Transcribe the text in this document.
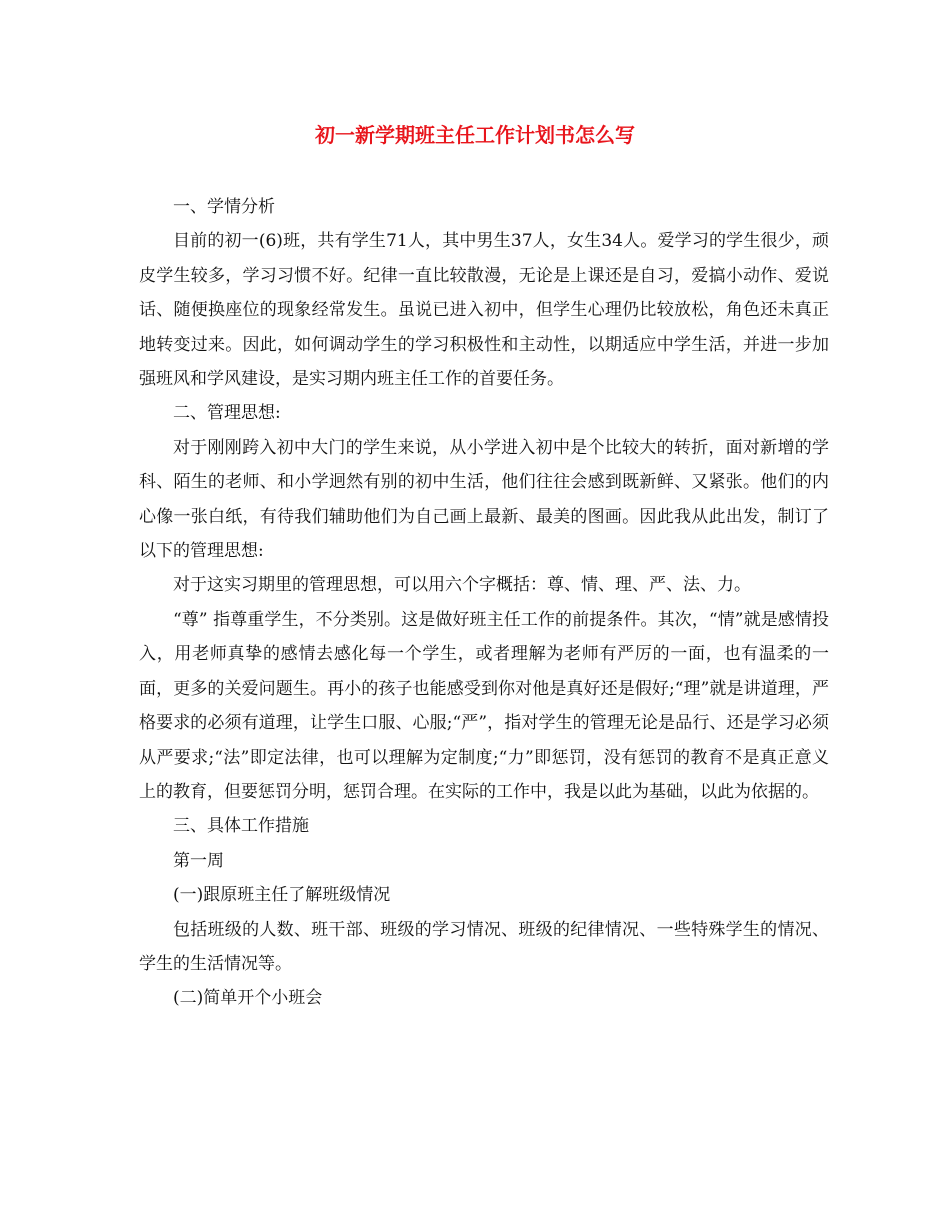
初一新学期班主任工作计划书怎么写

一、学情分析

目前的初一(6)班，共有学生71人，其中男生37人，女生34人。爱学习的学生很少，顽皮学生较多，学习习惯不好。纪律一直比较散漫，无论是上课还是自习，爱搞小动作、爱说话、随便换座位的现象经常发生。虽说已进入初中，但学生心理仍比较放松，角色还未真正地转变过来。因此，如何调动学生的学习积极性和主动性，以期适应中学生活，并进一步加强班风和学风建设，是实习期内班主任工作的首要任务。

二、管理思想:

对于刚刚跨入初中大门的学生来说，从小学进入初中是个比较大的转折，面对新增的学科、陌生的老师、和小学迥然有别的初中生活，他们往往会感到既新鲜、又紧张。他们的内心像一张白纸，有待我们辅助他们为自己画上最新、最美的图画。因此我从此出发，制订了以下的管理思想:

对于这实习期里的管理思想，可以用六个字概括：尊、情、理、严、法、力。

“尊” 指尊重学生，不分类别。这是做好班主任工作的前提条件。其次，“情”就是感情投入，用老师真挚的感情去感化每一个学生，或者理解为老师有严厉的一面，也有温柔的一面，更多的关爱问题生。再小的孩子也能感受到你对他是真好还是假好;“理”就是讲道理，严格要求的必须有道理，让学生口服、心服;“严”，指对学生的管理无论是品行、还是学习必须从严要求;“法”即定法律，也可以理解为定制度;“力”即惩罚，没有惩罚的教育不是真正意义上的教育，但要惩罚分明，惩罚合理。在实际的工作中，我是以此为基础，以此为依据的。

三、具体工作措施

第一周

(一)跟原班主任了解班级情况

包括班级的人数、班干部、班级的学习情况、班级的纪律情况、一些特殊学生的情况、学生的生活情况等。

(二)简单开个小班会
